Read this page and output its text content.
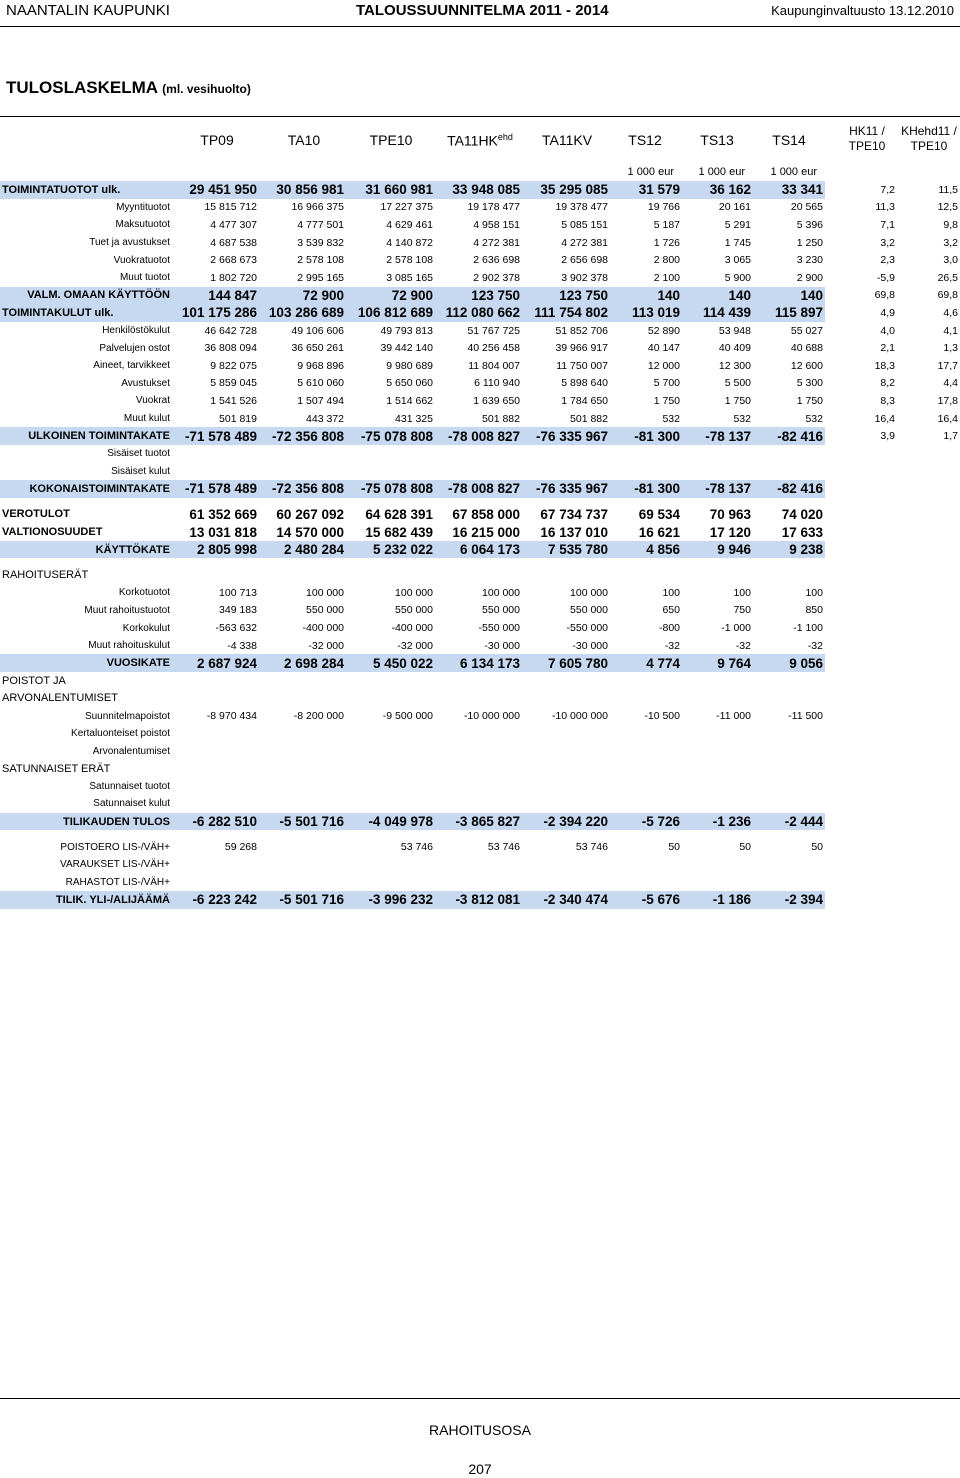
NAANTALIN KAUPUNKI	TALOUSSUUNNITELMA 2011 - 2014	Kaupunginvaltuusto 13.12.2010
TULOSLASKELMA (ml. vesihuolto)
TP09	TA10	TPE10	$TA11HK^{ehd}$	TA11KV	TS12	TS13	TS14
HK11 / TPE10
KHehd11 / TPE10
1 000 eur	1 000 eur	1 000 eur
TOIMINTATUOTOT ulk.	29 451 950	30 856 981	31 660 981	33 948 085	35 295 085	31 579	36 162	33 341	7,2	11,5
Myyntituotot	15 815 712	16 966 375	17 227 375	19 178 477	19 378 477	19 766	20 161	20 565	11,3	12,5
Maksutuotot	4 477 307	4 777 501	4 629 461	4 958 151	5 085 151	5 187	5 291	5 396	7,1	9,8
Tuet ja avustukset	4 687 538	3 539 832	4 140 872	4 272 381	4 272 381	1 726	1 745	1 250	3,2	3,2
Vuokratuotot	2 668 673	2 578 108	2 578 108	2 636 698	2 656 698	2 800	3 065	3 230	2,3	3,0
Muut tuotot	1 802 720	2 995 165	3 085 165	2 902 378	3 902 378	2 100	5 900	2 900	-5,9	26,5
VALM. OMAAN KÄYTTÖÖN	144 847	72 900	72 900	123 750	123 750	140	140	140	69,8	69,8
TOIMINTAKULUT ulk.	101 175 286	103 286 689	106 812 689	112 080 662	111 754 802	113 019	114 439	115 897	4,9	4,6
Henkilöstökulut	46 642 728	49 106 606	49 793 813	51 767 725	51 852 706	52 890	53 948	55 027	4,0	4,1
Palvelujen ostot	36 808 094	36 650 261	39 442 140	40 256 458	39 966 917	40 147	40 409	40 688	2,1	1,3
Aineet, tarvikkeet	9 822 075	9 968 896	9 980 689	11 804 007	11 750 007	12 000	12 300	12 600	18,3	17,7
Avustukset	5 859 045	5 610 060	5 650 060	6 110 940	5 898 640	5 700	5 500	5 300	8,2	4,4
Vuokrat	1 541 526	1 507 494	1 514 662	1 639 650	1 784 650	1 750	1 750	1 750	8,3	17,8
Muut kulut	501 819	443 372	431 325	501 882	501 882	532	532	532	16,4	16,4
ULKOINEN TOIMINTAKATE	-71 578 489	-72 356 808	-75 078 808	-78 008 827	-76 335 967	-81 300	-78 137	-82 416	3,9	1,7
Sisäiset tuotot										
Sisäiset kulut										
KOKONAISTOIMINTAKATE	-71 578 489	-72 356 808	-75 078 808	-78 008 827	-76 335 967	-81 300	-78 137	-82 416		

VEROTULOT	61 352 669	60 267 092	64 628 391	67 858 000	67 734 737	69 534	70 963	74 020		
VALTIONOSUUDET	13 031 818	14 570 000	15 682 439	16 215 000	16 137 010	16 621	17 120	17 633		
KÄYTTÖKATE	2 805 998	2 480 284	5 232 022	6 064 173	7 535 780	4 856	9 946	9 238		

RAHOITUSERÄT										
Korkotuotot	100 713	100 000	100 000	100 000	100 000	100	100	100		
Muut rahoitustuotot	349 183	550 000	550 000	550 000	550 000	650	750	850		
Korkokulut	-563 632	-400 000	-400 000	-550 000	-550 000	-800	-1 000	-1 100		
Muut rahoituskulut	-4 338	-32 000	-32 000	-30 000	-30 000	-32	-32	-32		
VUOSIKATE	2 687 924	2 698 284	5 450 022	6 134 173	7 605 780	4 774	9 764	9 056		
POISTOT JA										
ARVONALENTUMISET										
Suunnitelmapoistot	-8 970 434	-8 200 000	-9 500 000	-10 000 000	-10 000 000	-10 500	-11 000	-11 500		
Kertaluonteiset poistot										
Arvonalentumiset										
SATUNNAISET ERÄT										
Satunnaiset tuotot										
Satunnaiset kulut										
TILIKAUDEN TULOS	-6 282 510	-5 501 716	-4 049 978	-3 865 827	-2 394 220	-5 726	-1 236	-2 444		

POISTOERO LIS-/VÄH+	59 268		53 746	53 746	53 746	50	50	50		
VARAUKSET LIS-/VÄH+										
RAHASTOT LIS-/VÄH+										
TILIK. YLI-/ALIJÄÄMÄ	-6 223 242	-5 501 716	-3 996 232	-3 812 081	-2 340 474	-5 676	-1 186	-2 394		
RAHOITUSOSA
207
